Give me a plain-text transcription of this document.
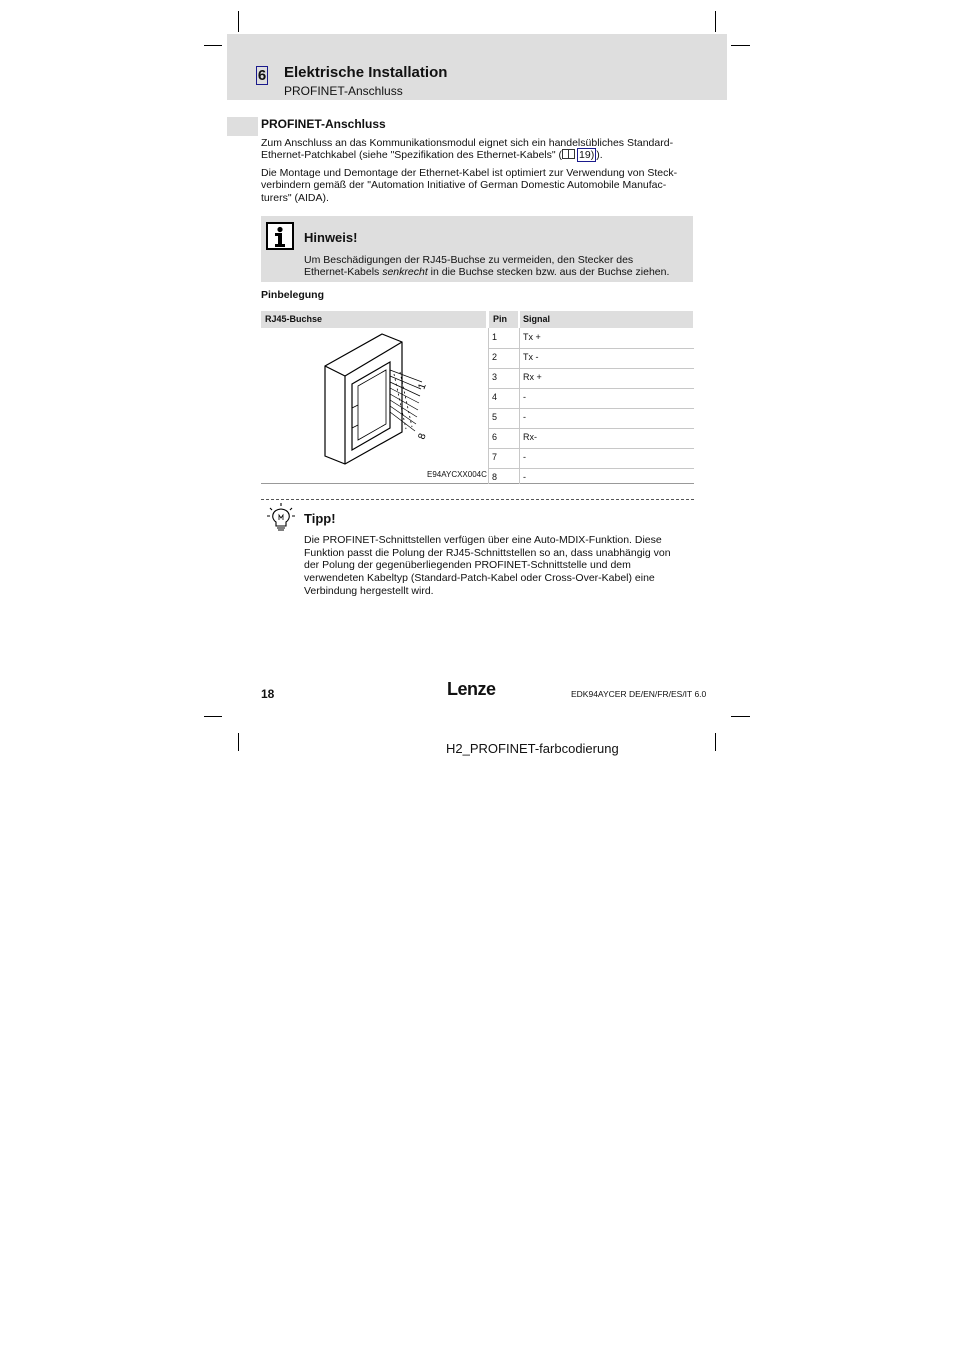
6 Elektrische Installation
PROFINET-Anschluss
PROFINET-Anschluss
Zum Anschluss an das Kommunikationsmodul eignet sich ein handelsübliches Standard-
Ethernet-Patchkabel (siehe "Spezifikation des Ethernet-Kabels" ( 19) ).
Die Montage und Demontage der Ethernet-Kabel ist optimiert zur Verwendung von Steck-
verbindern gemäß der "Automation Initiative of German Domestic Automobile Manufac-
turers" (AIDA).
Hinweis!
Um Beschädigungen der RJ45-Buchse zu vermeiden, den Stecker des
Ethernet-Kabels senkrecht in die Buchse stecken bzw. aus der Buchse ziehen.
Pinbelegung
RJ45-Buchse	Pin	Signal
1	Tx +
2	Tx -
3	Rx +
4	-
5	-
6	Rx-
7	-
8	-
1
8
E94AYCXX004C
Tipp!
Die PROFINET-Schnittstellen verfügen über eine Auto-MDIX-Funktion. Diese
Funktion passt die Polung der RJ45-Schnittstellen so an, dass unabhängig von
der Polung der gegenüberliegenden PROFINET-Schnittstelle und dem
verwendeten Kabeltyp (Standard-Patch-Kabel oder Cross-Over-Kabel) eine
Verbindung hergestellt wird.
18	Lenze	EDK94AYCER DE/EN/FR/ES/IT 6.0
H2_PROFINET-farbcodierung
